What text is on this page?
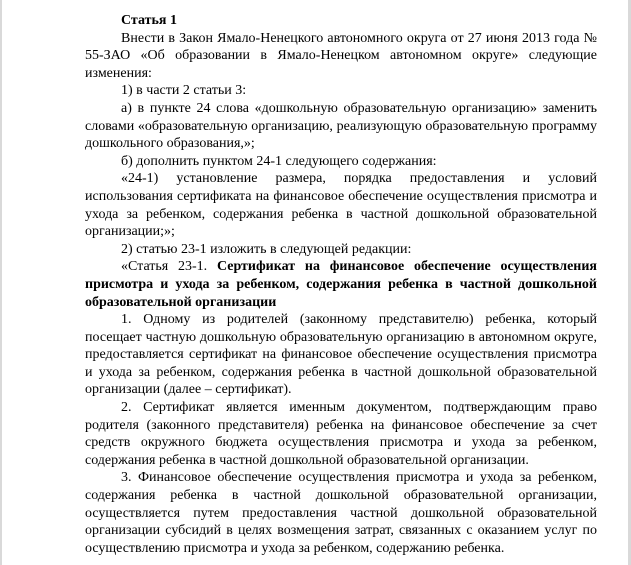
Статья 1

Внести в Закон Ямало-Ненецкого автономного округа от 27 июня 2013 года № 55-ЗАО «Об образовании в Ямало-Ненецком автономном округе» следующие изменения:

1) в части 2 статьи 3:

а) в пункте 24 слова «дошкольную образовательную организацию» заменить словами «образовательную организацию, реализующую образовательную программу дошкольного образования,»;

б) дополнить пунктом 24-1 следующего содержания:

«24-1) установление размера, порядка предоставления и условий использования сертификата на финансовое обеспечение осуществления присмотра и ухода за ребенком, содержания ребенка в частной дошкольной образовательной организации;»;

2) статью 23-1 изложить в следующей редакции:

«Статья 23-1. Сертификат на финансовое обеспечение осуществления присмотра и ухода за ребенком, содержания ребенка в частной дошкольной образовательной организации

1. Одному из родителей (законному представителю) ребенка, который посещает частную дошкольную образовательную организацию в автономном округе, предоставляется сертификат на финансовое обеспечение осуществления присмотра и ухода за ребенком, содержания ребенка в частной дошкольной образовательной организации (далее – сертификат).

2. Сертификат является именным документом, подтверждающим право родителя (законного представителя) ребенка на финансовое обеспечение за счет средств окружного бюджета осуществления присмотра и ухода за ребенком, содержания ребенка в частной дошкольной образовательной организации.

3. Финансовое обеспечение осуществления присмотра и ухода за ребенком, содержания ребенка в частной дошкольной образовательной организации, осуществляется путем предоставления частной дошкольной образовательной организации субсидий в целях возмещения затрат, связанных с оказанием услуг по осуществлению присмотра и ухода за ребенком, содержанию ребенка.
